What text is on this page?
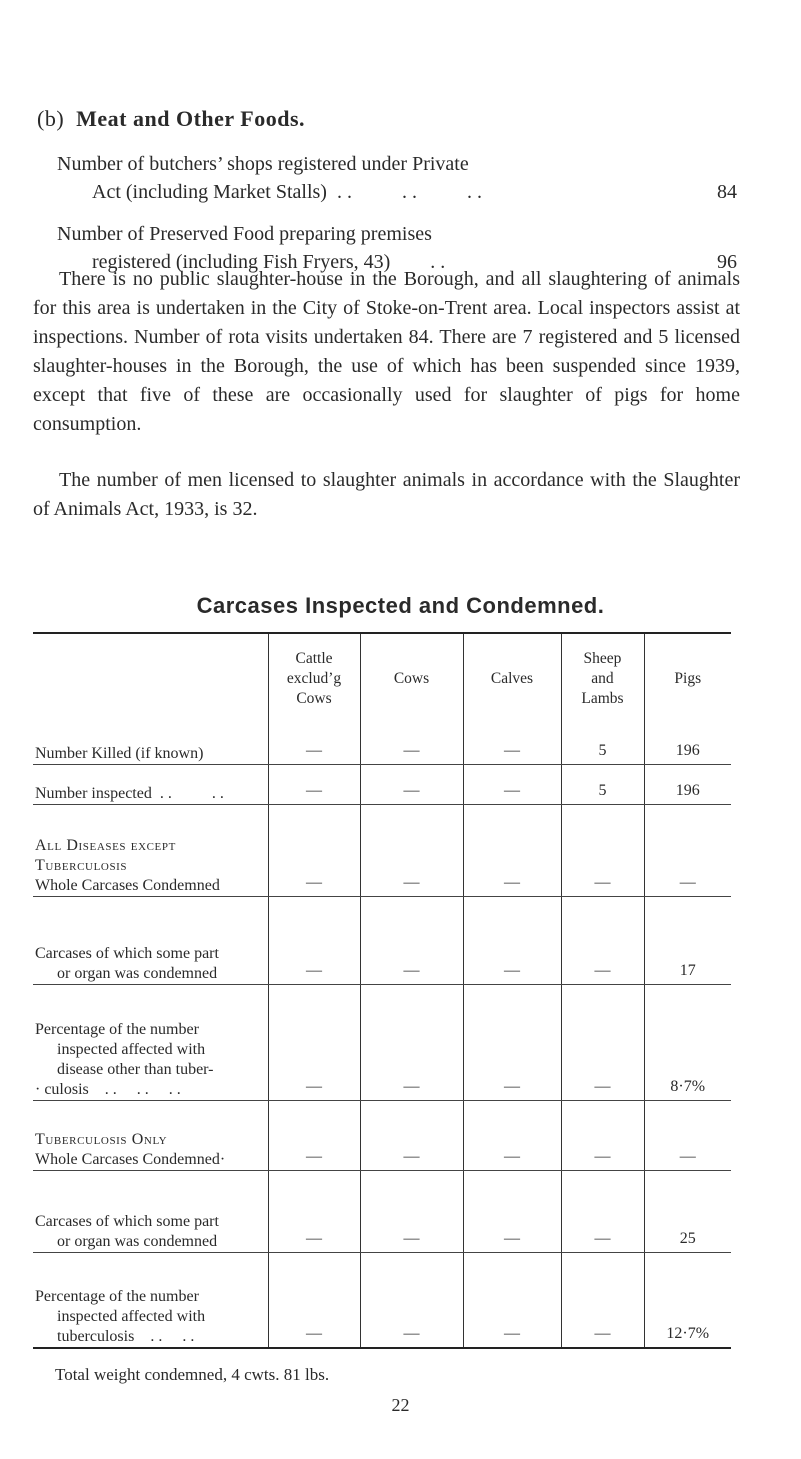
(b) Meat and Other Foods.
Number of butchers’ shops registered under Private
Act (including Market Stalls) . .          . .          . .	84
Number of Preserved Food preparing premises
registered (including Fish Fryers, 43) . .	96

There is no public slaughter-house in the Borough, and all slaughtering of animals for this area is undertaken in the City of Stoke-on-Trent area. Local inspectors assist at inspections. Number of rota visits undertaken 84. There are 7 registered and 5 licensed slaughter-houses in the Borough, the use of which has been suspended since 1939, except that five of these are occasionally used for slaughter of pigs for home consumption.

The number of men licensed to slaughter animals in accordance with the Slaughter of Animals Act, 1933, is 32.

Carcases Inspected and Condemned.

	Cattle
exclud’g
Cows	Cows	Calves	Sheep
and
Lambs	Pigs
Number Killed (if known)	—	—	—	5	196
Number inspected . .          . .	—	—	—	5	196
All Diseases except
Tuberculosis
Whole Carcases Condemned	—	—	—	—	—
Carcases of which some part

or organ was condemned	—	—	—	—	17
Percentage of the number

inspected affected with
disease other than tuber-
· culosis . .     . .     . .	—	—	—	—	8·7%
Tuberculosis Only
Whole Carcases Condemned·	—	—	—	—	—
Carcases of which some part

or organ was condemned	—	—	—	—	25
Percentage of the number

inspected affected with
tuberculosis . .     . .	—	—	—	—	12·7%

Total weight condemned, 4 cwts. 81 lbs.
22
